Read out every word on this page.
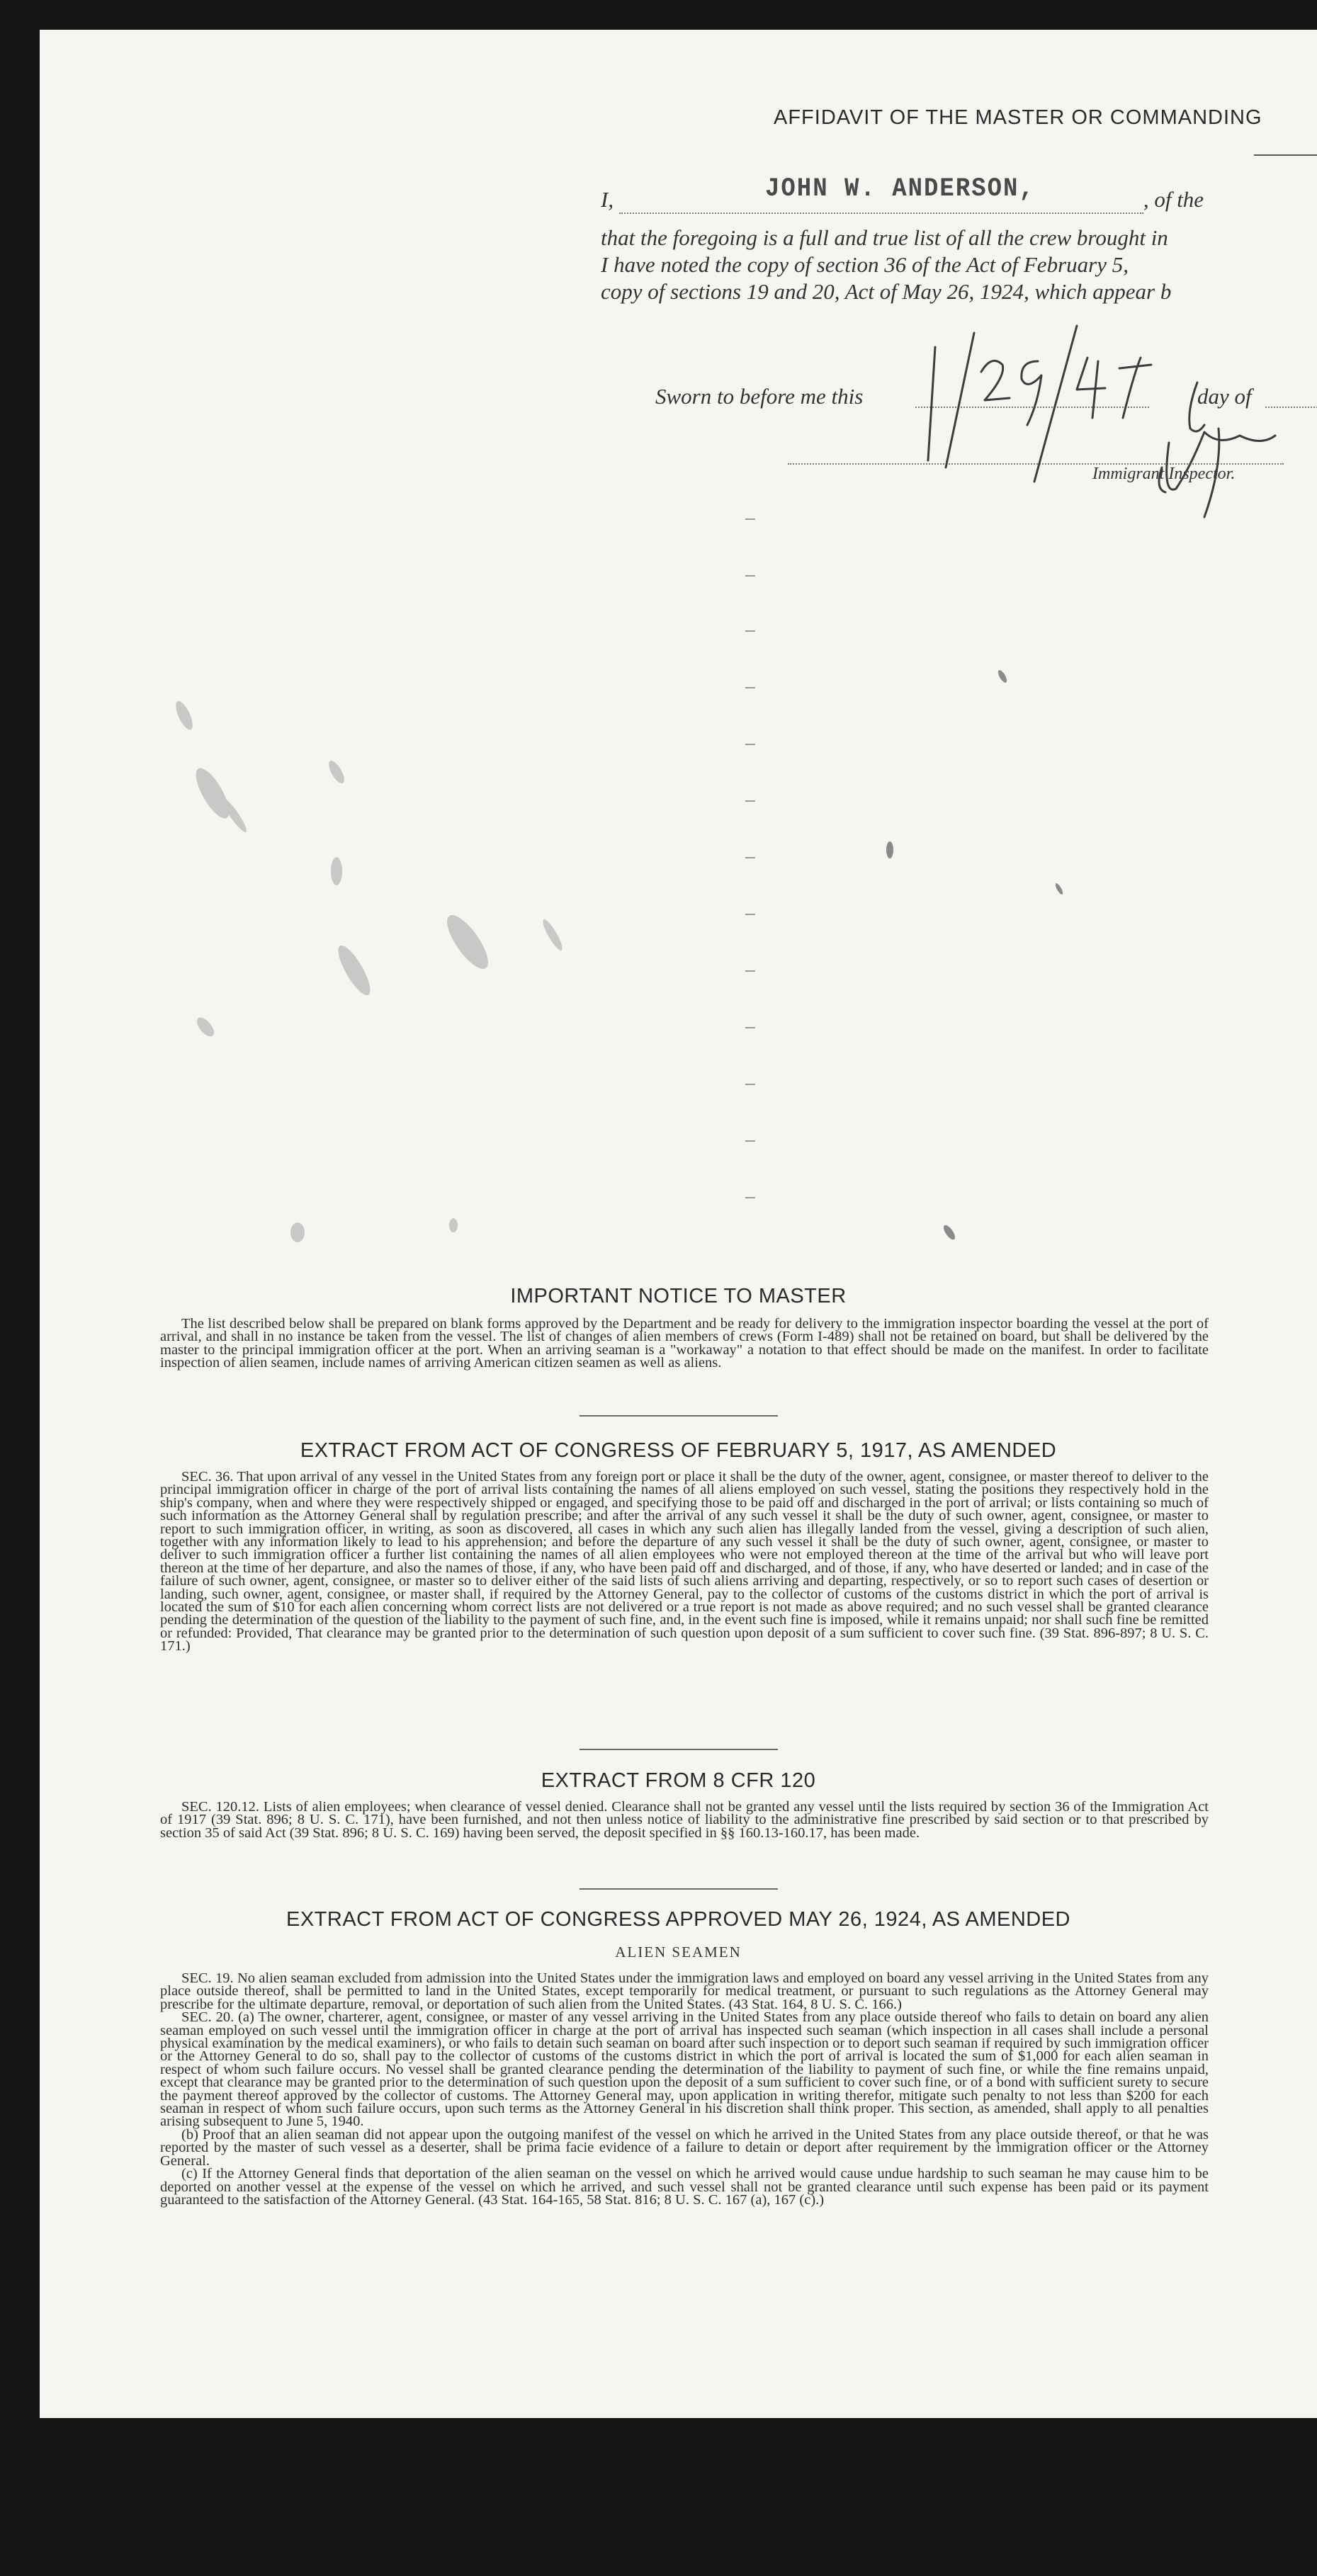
AFFIDAVIT OF THE MASTER OR COMMANDING
I,	, of the
JOHN W. ANDERSON,
that the foregoing is a full and true list of all the crew brought in
I have noted the copy of section 36 of the Act of February 5,
copy of sections 19 and 20, Act of May 26, 1924, which appear b
Sworn to before me this	day of
Immigrant Inspector.
IMPORTANT NOTICE TO MASTER

The list described below shall be prepared on blank forms approved by the Department and be ready for delivery to the immigration inspector boarding the vessel at the port of arrival, and shall in no instance be taken from the vessel. The list of changes of alien members of crews (Form I-489) shall not be retained on board, but shall be delivered by the master to the principal immigration officer at the port. When an arriving seaman is a "workaway" a notation to that effect should be made on the manifest. In order to facilitate inspection of alien seamen, include names of arriving American citizen seamen as well as aliens.

EXTRACT FROM ACT OF CONGRESS OF FEBRUARY 5, 1917, AS AMENDED

SEC. 36. That upon arrival of any vessel in the United States from any foreign port or place it shall be the duty of the owner, agent, consignee, or master thereof to deliver to the principal immigration officer in charge of the port of arrival lists containing the names of all aliens employed on such vessel, stating the positions they respectively hold in the ship's company, when and where they were respectively shipped or engaged, and specifying those to be paid off and discharged in the port of arrival; or lists containing so much of such information as the Attorney General shall by regulation prescribe; and after the arrival of any such vessel it shall be the duty of such owner, agent, consignee, or master to report to such immigration officer, in writing, as soon as discovered, all cases in which any such alien has illegally landed from the vessel, giving a description of such alien, together with any information likely to lead to his apprehension; and before the departure of any such vessel it shall be the duty of such owner, agent, consignee, or master to deliver to such immigration officer a further list containing the names of all alien employees who were not employed thereon at the time of the arrival but who will leave port thereon at the time of her departure, and also the names of those, if any, who have been paid off and discharged, and of those, if any, who have deserted or landed; and in case of the failure of such owner, agent, consignee, or master so to deliver either of the said lists of such aliens arriving and departing, respectively, or so to report such cases of desertion or landing, such owner, agent, consignee, or master shall, if required by the Attorney General, pay to the collector of customs of the customs district in which the port of arrival is located the sum of $10 for each alien concerning whom correct lists are not delivered or a true report is not made as above required; and no such vessel shall be granted clearance pending the determination of the question of the liability to the payment of such fine, and, in the event such fine is imposed, while it remains unpaid; nor shall such fine be remitted or refunded: Provided, That clearance may be granted prior to the determination of such question upon deposit of a sum sufficient to cover such fine. (39 Stat. 896-897; 8 U. S. C. 171.)

EXTRACT FROM 8 CFR 120

SEC. 120.12. Lists of alien employees; when clearance of vessel denied. Clearance shall not be granted any vessel until the lists required by section 36 of the Immigration Act of 1917 (39 Stat. 896; 8 U. S. C. 171), have been furnished, and not then unless notice of liability to the administrative fine prescribed by said section or to that prescribed by section 35 of said Act (39 Stat. 896; 8 U. S. C. 169) having been served, the deposit specified in §§ 160.13-160.17, has been made.

EXTRACT FROM ACT OF CONGRESS APPROVED MAY 26, 1924, AS AMENDED
ALIEN SEAMEN

SEC. 19. No alien seaman excluded from admission into the United States under the immigration laws and employed on board any vessel arriving in the United States from any place outside thereof, shall be permitted to land in the United States, except temporarily for medical treatment, or pursuant to such regulations as the Attorney General may prescribe for the ultimate departure, removal, or deportation of such alien from the United States. (43 Stat. 164, 8 U. S. C. 166.)

SEC. 20. (a) The owner, charterer, agent, consignee, or master of any vessel arriving in the United States from any place outside thereof who fails to detain on board any alien seaman employed on such vessel until the immigration officer in charge at the port of arrival has inspected such seaman (which inspection in all cases shall include a personal physical examination by the medical examiners), or who fails to detain such seaman on board after such inspection or to deport such seaman if required by such immigration officer or the Attorney General to do so, shall pay to the collector of customs of the customs district in which the port of arrival is located the sum of $1,000 for each alien seaman in respect of whom such failure occurs. No vessel shall be granted clearance pending the determination of the liability to payment of such fine, or while the fine remains unpaid, except that clearance may be granted prior to the determination of such question upon the deposit of a sum sufficient to cover such fine, or of a bond with sufficient surety to secure the payment thereof approved by the collector of customs. The Attorney General may, upon application in writing therefor, mitigate such penalty to not less than $200 for each seaman in respect of whom such failure occurs, upon such terms as the Attorney General in his discretion shall think proper. This section, as amended, shall apply to all penalties arising subsequent to June 5, 1940.

(b) Proof that an alien seaman did not appear upon the outgoing manifest of the vessel on which he arrived in the United States from any place outside thereof, or that he was reported by the master of such vessel as a deserter, shall be prima facie evidence of a failure to detain or deport after requirement by the immigration officer or the Attorney General.

(c) If the Attorney General finds that deportation of the alien seaman on the vessel on which he arrived would cause undue hardship to such seaman he may cause him to be deported on another vessel at the expense of the vessel on which he arrived, and such vessel shall not be granted clearance until such expense has been paid or its payment guaranteed to the satisfaction of the Attorney General. (43 Stat. 164-165, 58 Stat. 816; 8 U. S. C. 167 (a), 167 (c).)
